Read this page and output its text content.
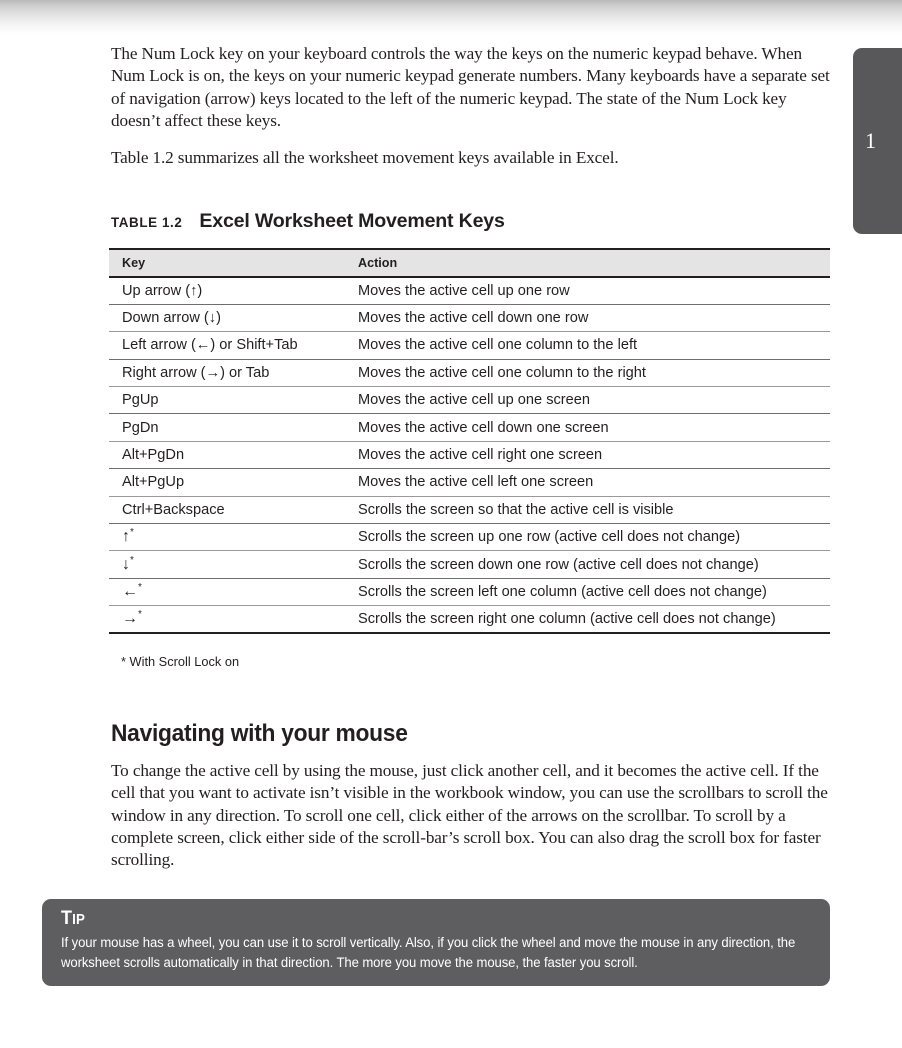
1

The Num Lock key on your keyboard controls the way the keys on the numeric keypad behave. When Num Lock is on, the keys on your numeric keypad generate numbers. Many keyboards have a separate set of navigation (arrow) keys located to the left of the numeric keypad. The state of the Num Lock key doesn’t affect these keys.

Table 1.2 summarizes all the worksheet movement keys available in Excel.

TABLE 1.2 Excel Worksheet Movement Keys
Key	Action
Up arrow (↑)	Moves the active cell up one row
Down arrow (↓)	Moves the active cell down one row
Left arrow (←) or Shift+Tab	Moves the active cell one column to the left
Right arrow (→) or Tab	Moves the active cell one column to the right
PgUp	Moves the active cell up one screen
PgDn	Moves the active cell down one screen
Alt+PgDn	Moves the active cell right one screen
Alt+PgUp	Moves the active cell left one screen
Ctrl+Backspace	Scrolls the screen so that the active cell is visible
↑*	Scrolls the screen up one row (active cell does not change)
↓*	Scrolls the screen down one row (active cell does not change)
←*	Scrolls the screen left one column (active cell does not change)
→*	Scrolls the screen right one column (active cell does not change)
* With Scroll Lock on
Navigating with your mouse

To change the active cell by using the mouse, just click another cell, and it becomes the active cell. If the cell that you want to activate isn’t visible in the workbook window, you can use the scrollbars to scroll the window in any direction. To scroll one cell, click either of the arrows on the scrollbar. To scroll by a complete screen, click either side of the scroll-bar’s scroll box. You can also drag the scroll box for faster scrolling.

TIP
If your mouse has a wheel, you can use it to scroll vertically. Also, if you click the wheel and move the mouse in any direction, the worksheet scrolls automatically in that direction. The more you move the mouse, the faster you scroll.
